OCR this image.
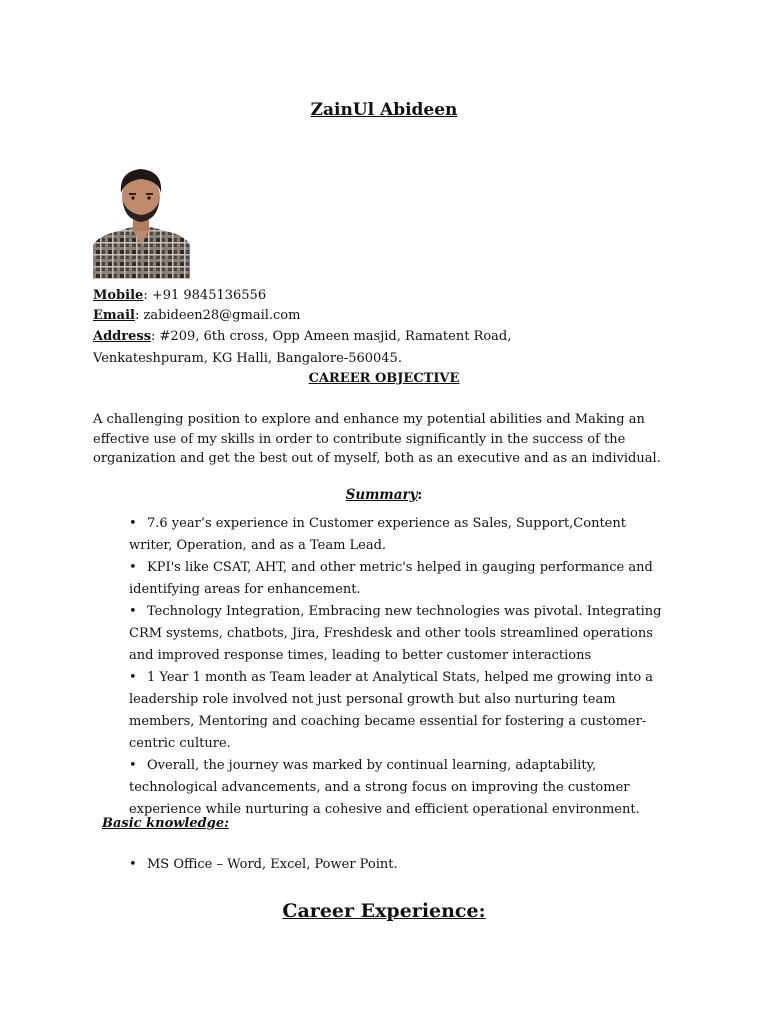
ZainUl Abideen
Mobile: +91 9845136556
Email: zabideen28@gmail.com
Address: #209, 6th cross, Opp Ameen masjid, Ramatent Road,
Venkateshpuram, KG Halli, Bangalore-560045.
CAREER OBJECTIVE
A challenging position to explore and enhance my potential abilities and Making an effective use of my skills in order to contribute significantly in the success of the organization and get the best out of myself, both as an executive and as an individual.
Summary:
• 7.6 year’s experience in Customer experience as Sales, Support,Content writer, Operation, and as a Team Lead.
• KPI's like CSAT, AHT, and other metric's helped in gauging performance and identifying areas for enhancement.
• Technology Integration, Embracing new technologies was pivotal. Integrating CRM systems, chatbots, Jira, Freshdesk and other tools streamlined operations and improved response times, leading to better customer interactions
• 1 Year 1 month as Team leader at Analytical Stats, helped me growing into a leadership role involved not just personal growth but also nurturing team members, Mentoring and coaching became essential for fostering a customer-centric culture.
• Overall, the journey was marked by continual learning, adaptability, technological advancements, and a strong focus on improving the customer experience while nurturing a cohesive and efficient operational environment.
Basic knowledge:
• MS Office – Word, Excel, Power Point.
Career Experience:
